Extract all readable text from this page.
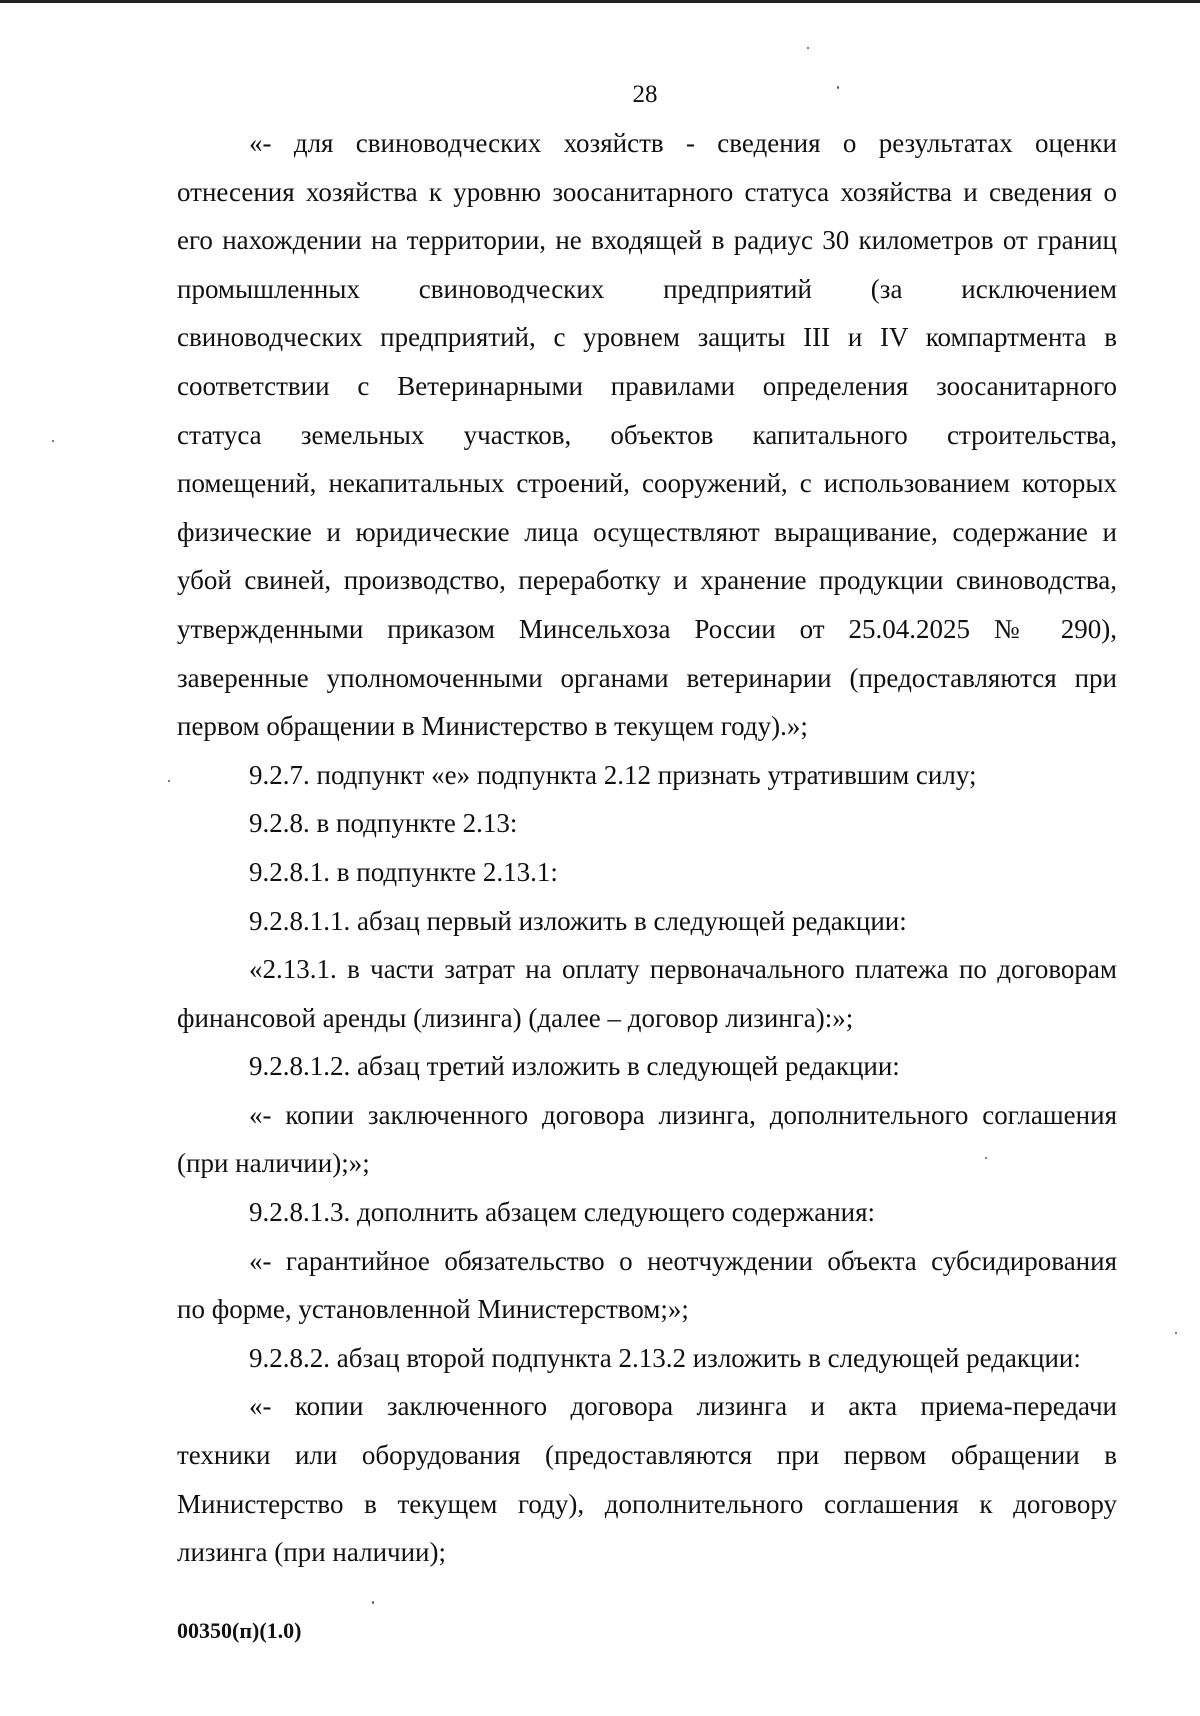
28
«- для свиноводческих хозяйств - сведения о результатах оценки
отнесения хозяйства к уровню зоосанитарного статуса хозяйства и сведения о
его нахождении на территории, не входящей в радиус 30 километров от границ
промышленных свиноводческих предприятий (за исключением
свиноводческих предприятий, с уровнем защиты III и IV компартмента в
соответствии с Ветеринарными правилами определения зоосанитарного
статуса земельных участков, объектов капитального строительства,
помещений, некапитальных строений, сооружений, с использованием которых
физические и юридические лица осуществляют выращивание, содержание и
убой свиней, производство, переработку и хранение продукции свиноводства,
утвержденными приказом Минсельхоза России от 25.04.2025 № 290),
заверенные уполномоченными органами ветеринарии (предоставляются при
первом обращении в Министерство в текущем году).»;

9.2.7. подпункт «е» подпункта 2.12 признать утратившим силу;

9.2.8. в подпункте 2.13:

9.2.8.1. в подпункте 2.13.1:

9.2.8.1.1. абзац первый изложить в следующей редакции:

«2.13.1. в части затрат на оплату первоначального платежа по договорам
финансовой аренды (лизинга) (далее – договор лизинга):»;

9.2.8.1.2. абзац третий изложить в следующей редакции:

«- копии заключенного договора лизинга, дополнительного соглашения
(при наличии);»;

9.2.8.1.3. дополнить абзацем следующего содержания:

«- гарантийное обязательство о неотчуждении объекта субсидирования
по форме, установленной Министерством;»;

9.2.8.2. абзац второй подпункта 2.13.2 изложить в следующей редакции:

«- копии заключенного договора лизинга и акта приема-передачи
техники или оборудования (предоставляются при первом обращении в
Министерство в текущем году), дополнительного соглашения к договору
лизинга (при наличии);
00350(п)(1.0)
